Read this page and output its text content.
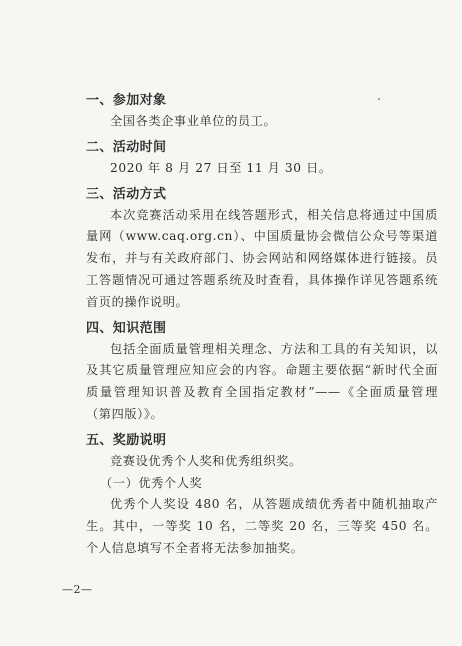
一、参加对象

全国各类企事业单位的员工。

二、活动时间

2020 年 8 月 27 日至 11 月 30 日。

三、活动方式

本次竞赛活动采用在线答题形式，相关信息将通过中国质量网（www.caq.org.cn）、中国质量协会微信公众号等渠道发布，并与有关政府部门、协会网站和网络媒体进行链接。员工答题情况可通过答题系统及时查看，具体操作详见答题系统首页的操作说明。

四、知识范围

包括全面质量管理相关理念、方法和工具的有关知识，以及其它质量管理应知应会的内容。命题主要依据“新时代全面质量管理知识普及教育全国指定教材”——《全面质量管理（第四版）》。

五、奖励说明

竞赛设优秀个人奖和优秀组织奖。

（一）优秀个人奖

优秀个人奖设 480 名，从答题成绩优秀者中随机抽取产生。其中，一等奖 10 名，二等奖 20 名，三等奖 450 名。个人信息填写不全者将无法参加抽奖。

—2—
